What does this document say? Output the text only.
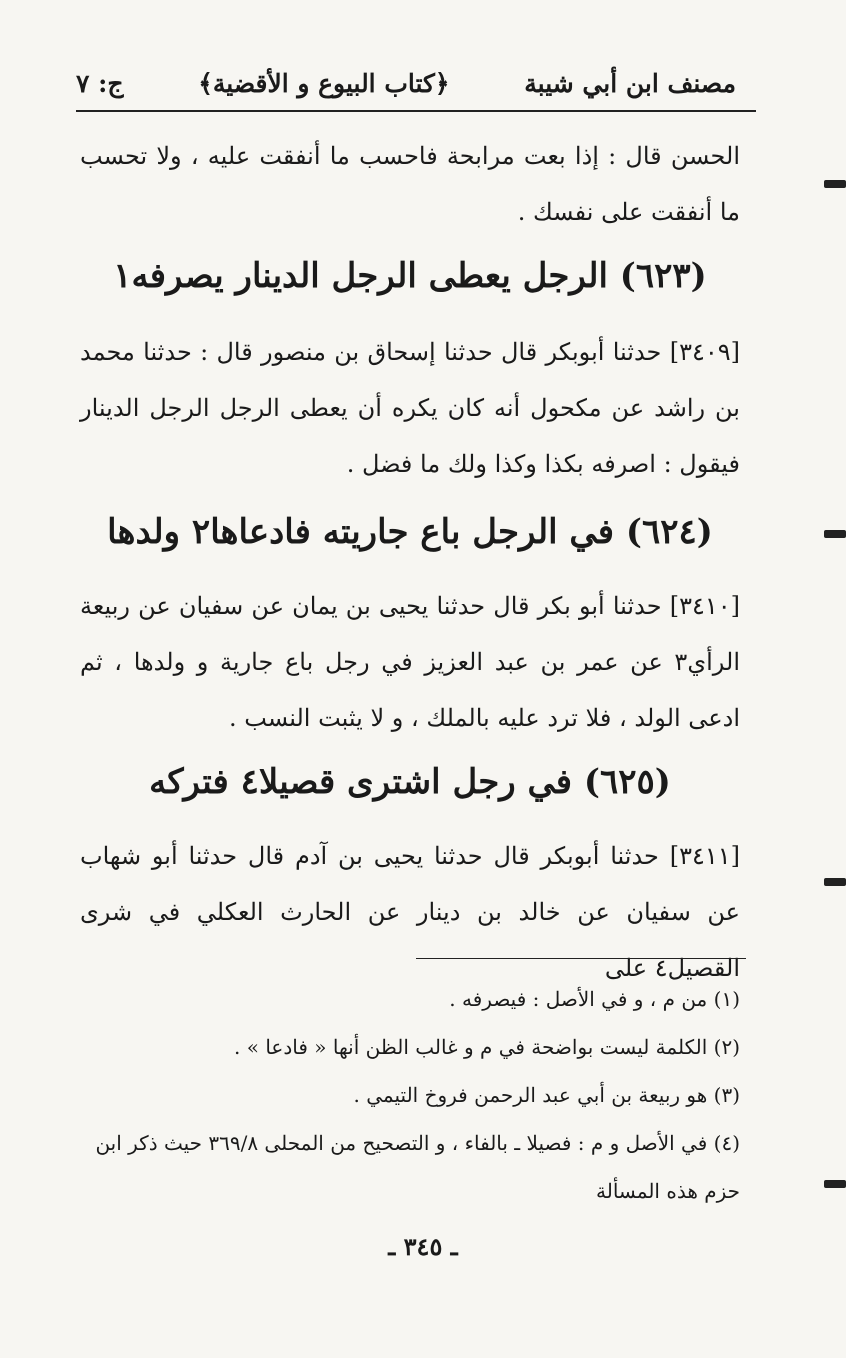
مصنف ابن أبي شيبة
﴿كتاب البيوع و الأقضية﴾
ج: ٧
الحسن قال : إذا بعت مرابحة فاحسب ما أنفقت عليه ، ولا تحسب ما أنفقت على نفسك .
(٦٢٣) الرجل يعطى الرجل الدينار يصرفه١
[٣٤٠٩] حدثنا أبوبكر قال حدثنا إسحاق بن منصور قال : حدثنا محمد بن راشد عن مكحول أنه كان يكره أن يعطى الرجل الرجل الدينار فيقول : اصرفه بكذا وكذا ولك ما فضل .
(٦٢٤) في الرجل باع جاريته فادعاها٢ ولدها
[٣٤١٠] حدثنا أبو بكر قال حدثنا يحيى بن يمان عن سفيان عن ربيعة الرأي٣ عن عمر بن عبد العزيز في رجل باع جارية و ولدها ، ثم ادعى الولد ، فلا ترد عليه بالملك ، و لا يثبت النسب .
(٦٢٥) في رجل اشترى قصيلا٤ فتركه
[٣٤١١] حدثنا أبوبكر قال حدثنا يحيى بن آدم قال حدثنا أبو شهاب عن سفيان عن خالد بن دينار عن الحارث العكلي في شرى القصيل٤ على
(١) من م ، و في الأصل : فيصرفه .
(٢) الكلمة ليست بواضحة في م و غالب الظن أنها « فادعا » .
(٣) هو ربيعة بن أبي عبد الرحمن فروخ التيمي .
(٤) في الأصل و م : فصيلا ـ بالفاء ، و التصحيح من المحلى ٣٦٩/٨ حيث ذكر ابن حزم هذه المسألة
ـ ٣٤٥ ـ
